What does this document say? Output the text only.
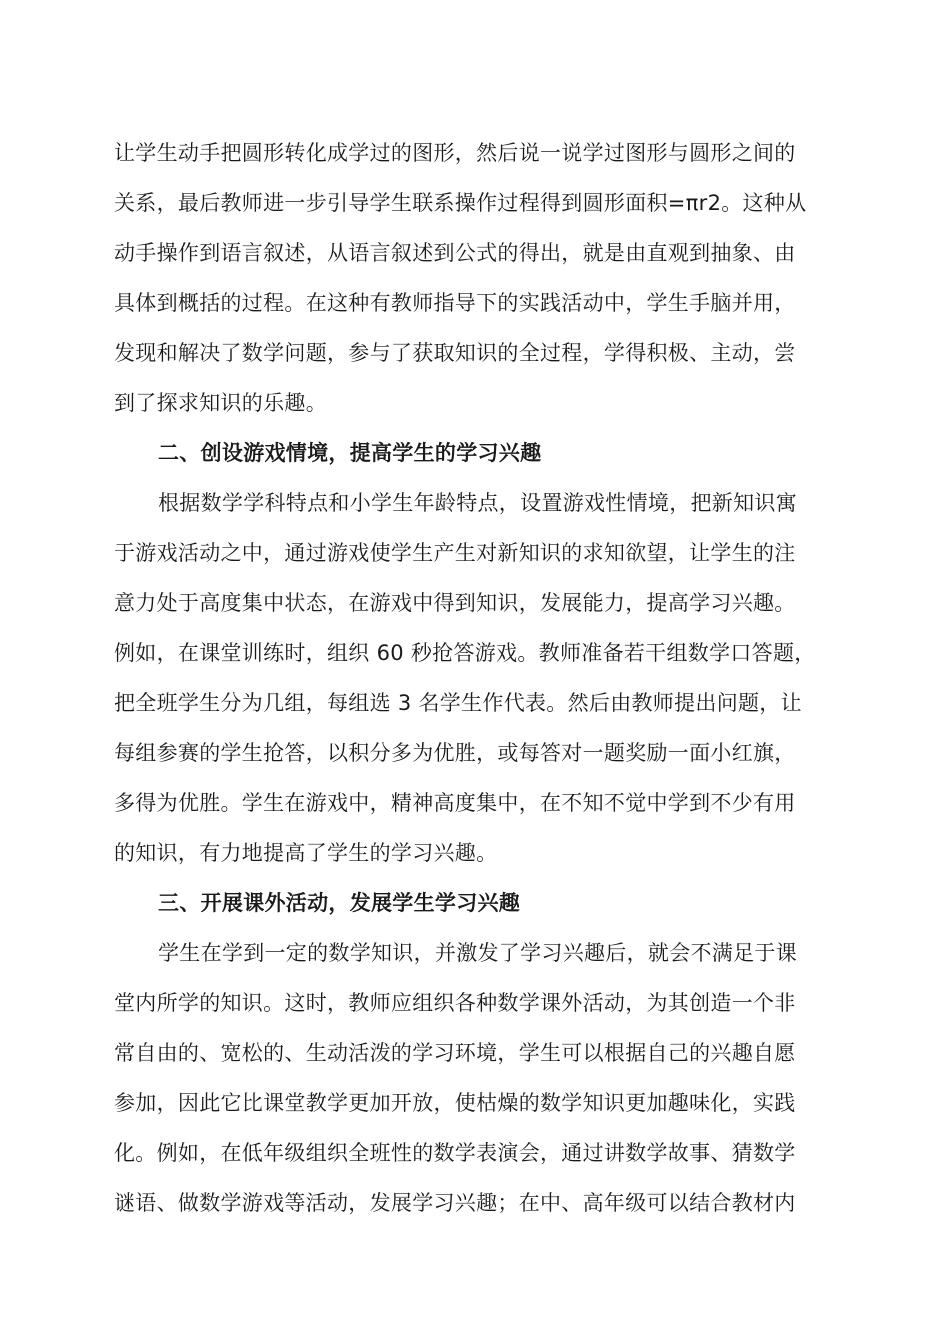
让学生动手把圆形转化成学过的图形，然后说一说学过图形与圆形之间的
关系，最后教师进一步引导学生联系操作过程得到圆形面积=πr2。这种从
动手操作到语言叙述，从语言叙述到公式的得出，就是由直观到抽象、由
具体到概括的过程。在这种有教师指导下的实践活动中，学生手脑并用，
发现和解决了数学问题，参与了获取知识的全过程，学得积极、主动，尝
到了探求知识的乐趣。
二、创设游戏情境，提高学生的学习兴趣
根据数学学科特点和小学生年龄特点，设置游戏性情境，把新知识寓
于游戏活动之中，通过游戏使学生产生对新知识的求知欲望，让学生的注
意力处于高度集中状态，在游戏中得到知识，发展能力，提高学习兴趣。
例如，在课堂训练时，组织 60 秒抢答游戏。教师准备若干组数学口答题，
把全班学生分为几组，每组选 3 名学生作代表。然后由教师提出问题，让
每组参赛的学生抢答，以积分多为优胜，或每答对一题奖励一面小红旗，
多得为优胜。学生在游戏中，精神高度集中，在不知不觉中学到不少有用
的知识，有力地提高了学生的学习兴趣。
三、开展课外活动，发展学生学习兴趣
学生在学到一定的数学知识，并激发了学习兴趣后，就会不满足于课
堂内所学的知识。这时，教师应组织各种数学课外活动，为其创造一个非
常自由的、宽松的、生动活泼的学习环境，学生可以根据自己的兴趣自愿
参加，因此它比课堂教学更加开放，使枯燥的数学知识更加趣味化，实践
化。例如，在低年级组织全班性的数学表演会，通过讲数学故事、猜数学
谜语、做数学游戏等活动，发展学习兴趣；在中、高年级可以结合教材内
